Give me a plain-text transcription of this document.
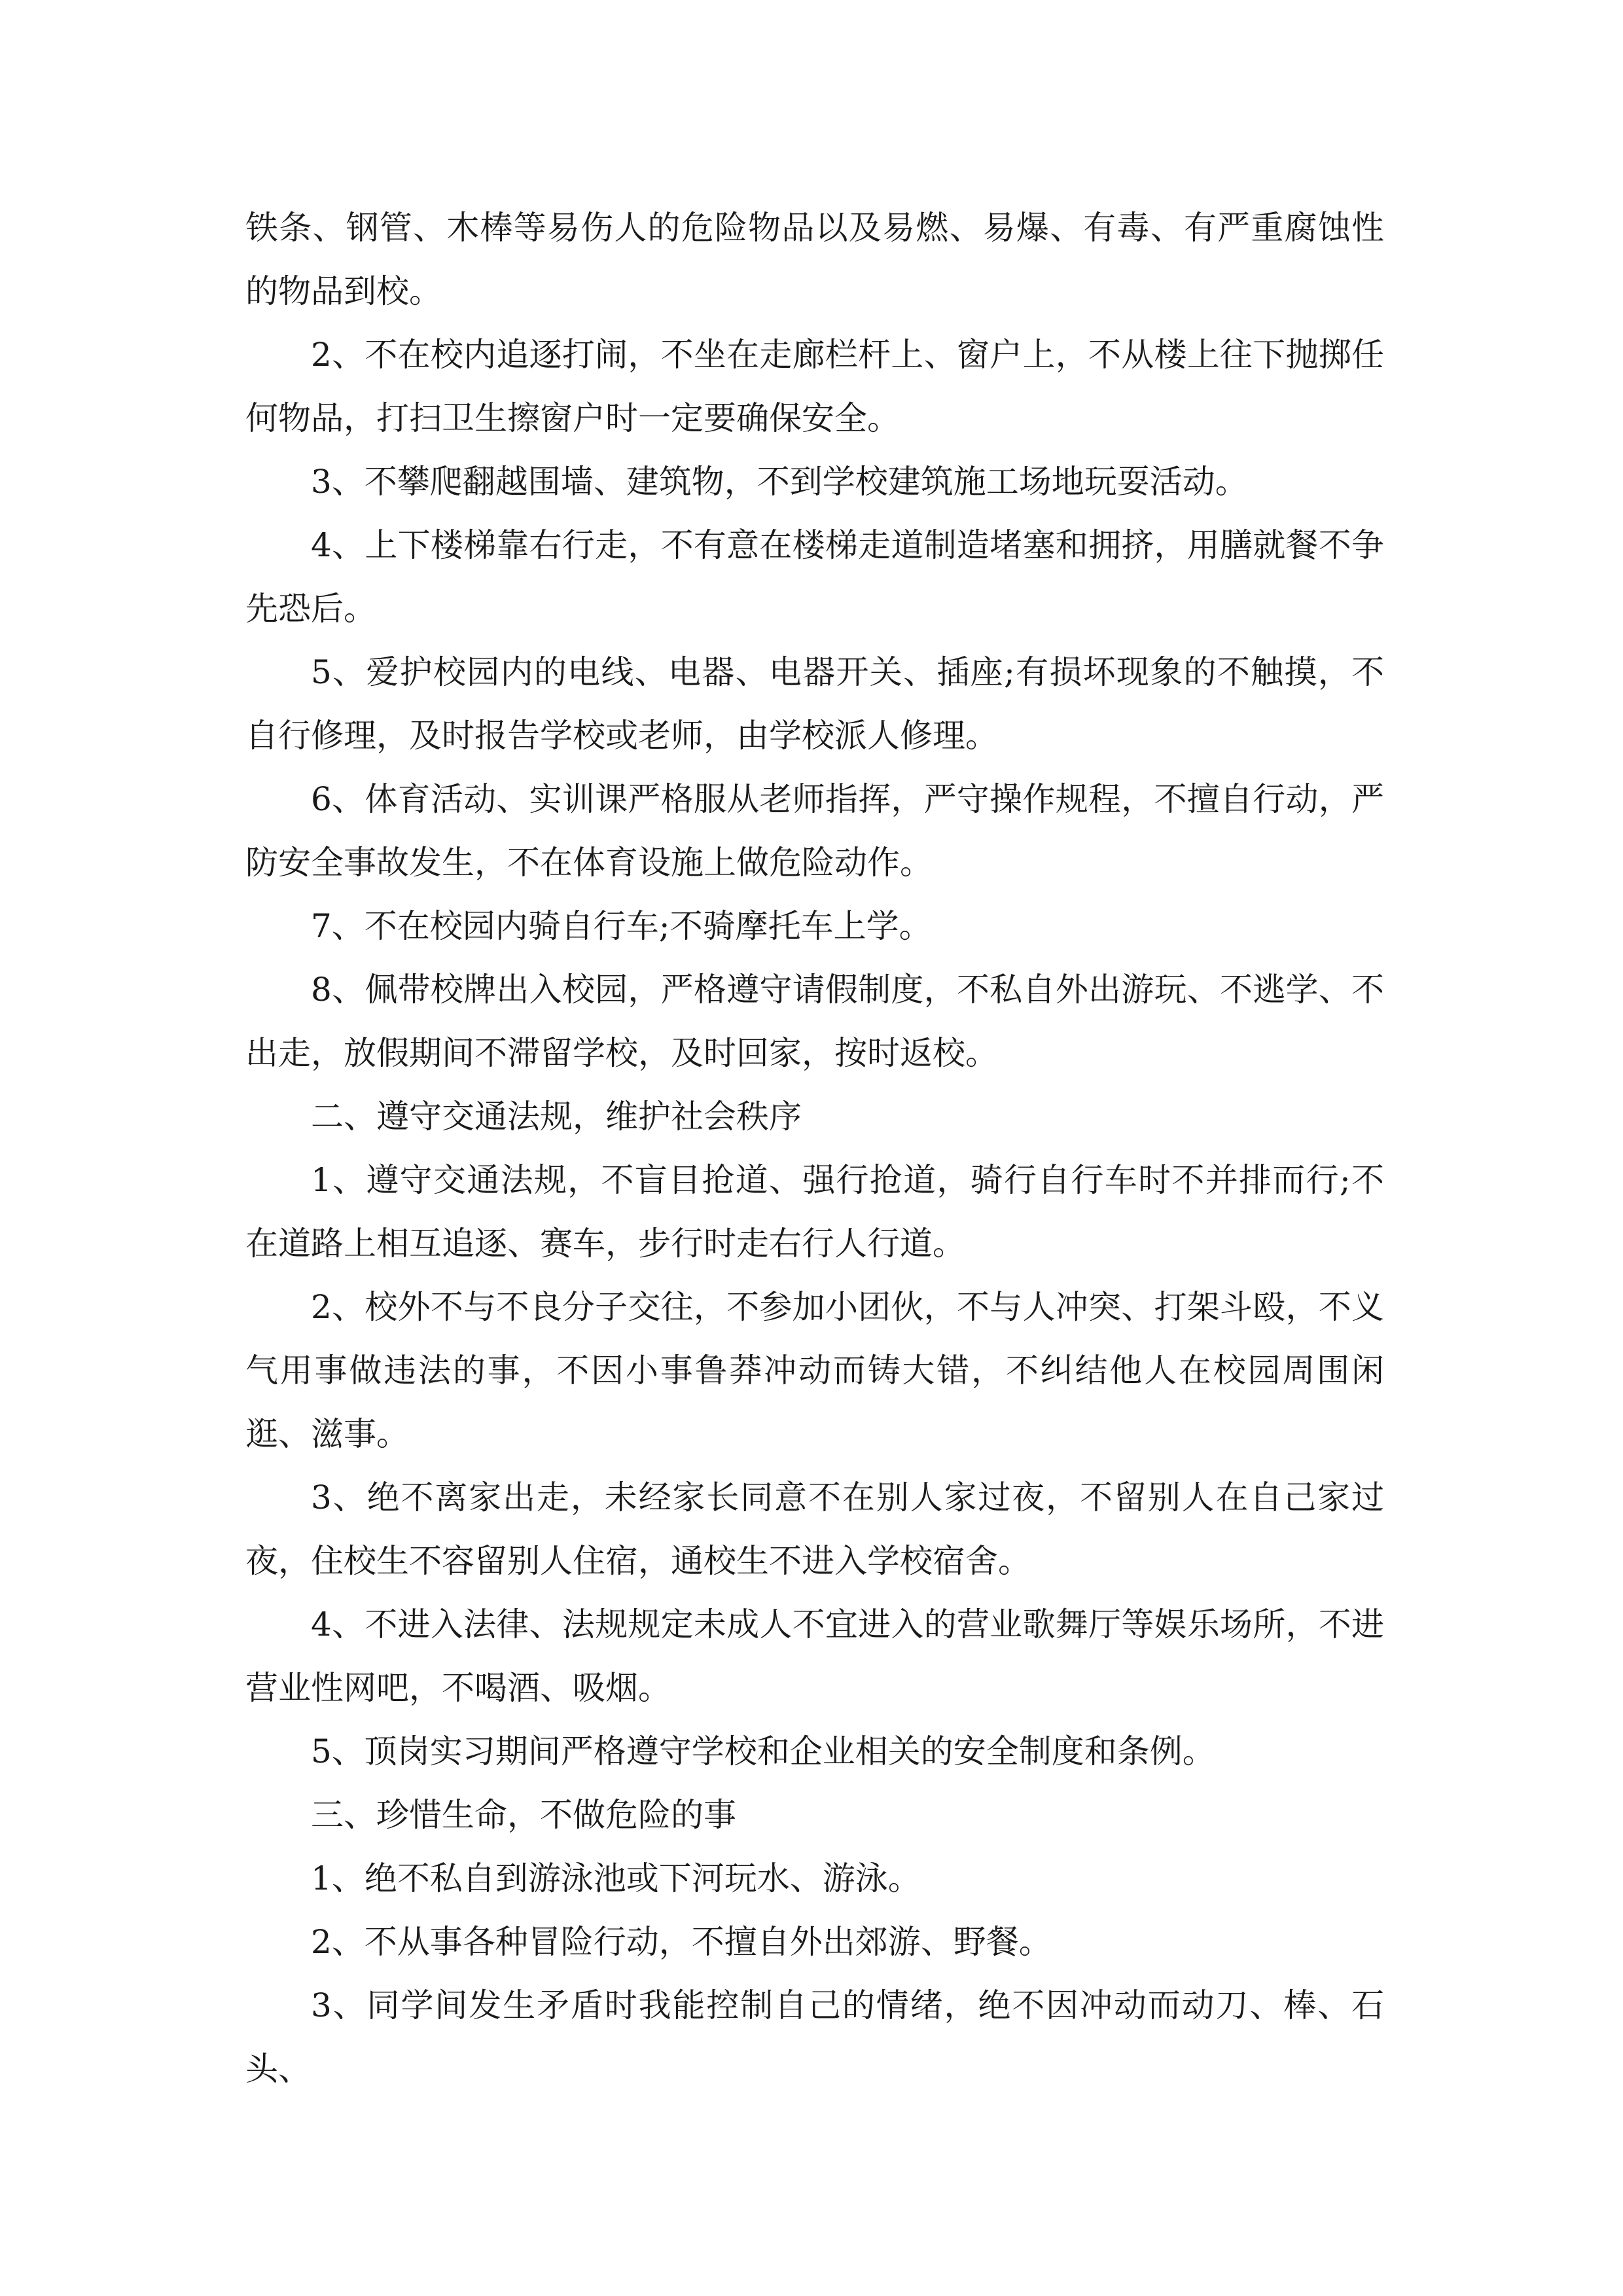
铁条、钢管、木棒等易伤人的危险物品以及易燃、易爆、有毒、有严重腐蚀性的物品到校。

2、不在校内追逐打闹，不坐在走廊栏杆上、窗户上，不从楼上往下抛掷任何物品，打扫卫生擦窗户时一定要确保安全。

3、不攀爬翻越围墙、建筑物，不到学校建筑施工场地玩耍活动。

4、上下楼梯靠右行走，不有意在楼梯走道制造堵塞和拥挤，用膳就餐不争先恐后。

5、爱护校园内的电线、电器、电器开关、插座;有损坏现象的不触摸，不自行修理，及时报告学校或老师，由学校派人修理。

6、体育活动、实训课严格服从老师指挥，严守操作规程，不擅自行动，严防安全事故发生，不在体育设施上做危险动作。

7、不在校园内骑自行车;不骑摩托车上学。

8、佩带校牌出入校园，严格遵守请假制度，不私自外出游玩、不逃学、不出走，放假期间不滞留学校，及时回家，按时返校。

二、遵守交通法规，维护社会秩序

1、遵守交通法规，不盲目抢道、强行抢道，骑行自行车时不并排而行;不在道路上相互追逐、赛车，步行时走右行人行道。

2、校外不与不良分子交往，不参加小团伙，不与人冲突、打架斗殴，不义气用事做违法的事，不因小事鲁莽冲动而铸大错，不纠结他人在校园周围闲逛、滋事。

3、绝不离家出走，未经家长同意不在别人家过夜，不留别人在自己家过夜，住校生不容留别人住宿，通校生不进入学校宿舍。

4、不进入法律、法规规定未成人不宜进入的营业歌舞厅等娱乐场所，不进营业性网吧，不喝酒、吸烟。

5、顶岗实习期间严格遵守学校和企业相关的安全制度和条例。

三、珍惜生命，不做危险的事

1、绝不私自到游泳池或下河玩水、游泳。

2、不从事各种冒险行动，不擅自外出郊游、野餐。

3、同学间发生矛盾时我能控制自己的情绪，绝不因冲动而动刀、棒、石头、
